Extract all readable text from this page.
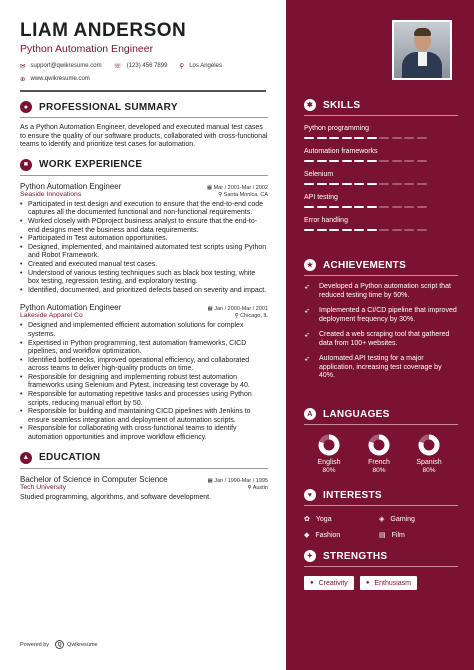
LIAM ANDERSON
Python Automation Engineer
✉ support@qwikresume.com ☏ (123) 456 7899 ⚲ Los Angeles
⊕ www.qwikresume.com
●	PROFESSIONAL SUMMARY
As a Python Automation Engineer, developed and executed manual test cases to ensure the quality of our software products, collaborated with cross-functional teams to identify and prioritize test cases for automation.
■	WORK EXPERIENCE
Python Automation Engineer	▦ Mar / 2001-Mar / 2002
Seaside Innovations	⚲ Santa Monica, CA
• Participated in test design and execution to ensure that the end-to-end code captures all the documented functional and non-functional requirements.
• Worked closely with POproject business analyst to ensure that the end-to-end designs meet the business and data requirements.
• Participated in Test automation opportunities.
• Designed, implemented, and maintained automated test scripts using Python and Robot Framework.
• Created and executed manual test cases.
• Understood of various testing techniques such as black box testing, white box testing, regression testing, and exploratory testing.
• Identified, documented, and prioritized defects based on severity and impact.
Python Automation Engineer	▦ Jan / 2000-Mar / 2001
Lakeside Apparel Co	⚲ Chicago, IL
• Designed and implemented efficient automation solutions for complex systems.
• Expertised in Python programming, test automation frameworks, CICD pipelines, and workflow optimization.
• Identified bottlenecks, improved operational efficiency, and collaborated across teams to deliver high-quality products on time.
• Responsible for designing and implementing robust test automation frameworks using Selenium and Pytest, increasing test coverage by 40.
• Responsible for automating repetitive tasks and processes using Python scripts, reducing manual effort by 50.
• Responsible for building and maintaining CICD pipelines with Jenkins to ensure seamless integration and deployment of automation scripts.
• Responsible for collaborating with cross-functional teams to identify automation opportunities and improve workflow efficiency.
▲ EDUCATION
Bachelor of Science in Computer Science	▦ Jan / 1990-Mar / 1995
Tech University	⚲ Austin
Studied programming, algorithms, and software development.
Powered by	Q	Qwikresume
✱ SKILLS
Python programming
Automation frameworks
Selenium
API testing
Error handling
★ ACHIEVEMENTS
➶	Developed a Python automation script that reduced testing time by 50%.
➶	Implemented a CI/CD pipeline that improved deployment frequency by 30%.
➶	Created a web scraping tool that gathered data from 100+ websites.
➶	Automated API testing for a major application, increasing test coverage by 40%.
A	LANGUAGES
English
80%
French
80%
Spanish
80%
♥	INTERESTS
✿ Yoga	◈ Gaming
◆ Fashion	▤ Film
✦ STRENGTHS
● Creativity	● Enthusiasm
